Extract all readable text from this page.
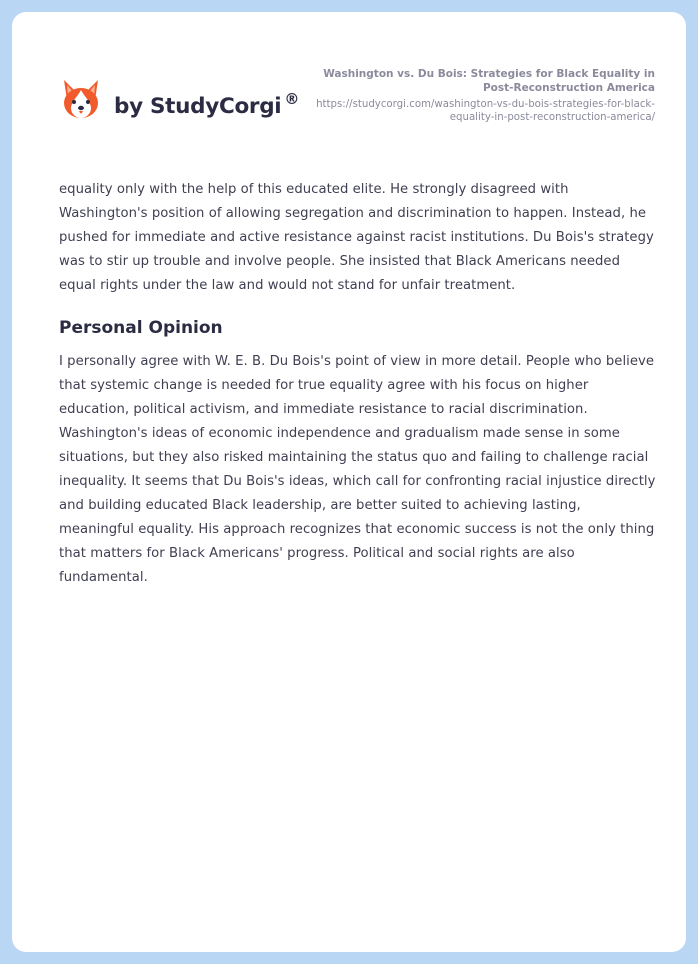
by StudyCorgi ®
Washington vs. Du Bois: Strategies for Black Equality in Post-Reconstruction America
https://studycorgi.com/washington-vs-du-bois-strategies-for-black-equality-in-post-reconstruction-america/

equality only with the help of this educated elite. He strongly disagreed with Washington's position of allowing segregation and discrimination to happen. Instead, he pushed for immediate and active resistance against racist institutions. Du Bois's strategy was to stir up trouble and involve people. She insisted that Black Americans needed equal rights under the law and would not stand for unfair treatment.

Personal Opinion

I personally agree with W. E. B. Du Bois's point of view in more detail. People who believe that systemic change is needed for true equality agree with his focus on higher education, political activism, and immediate resistance to racial discrimination. Washington's ideas of economic independence and gradualism made sense in some situations, but they also risked maintaining the status quo and failing to challenge racial inequality. It seems that Du Bois's ideas, which call for confronting racial injustice directly and building educated Black leadership, are better suited to achieving lasting, meaningful equality. His approach recognizes that economic success is not the only thing that matters for Black Americans' progress. Political and social rights are also fundamental.
